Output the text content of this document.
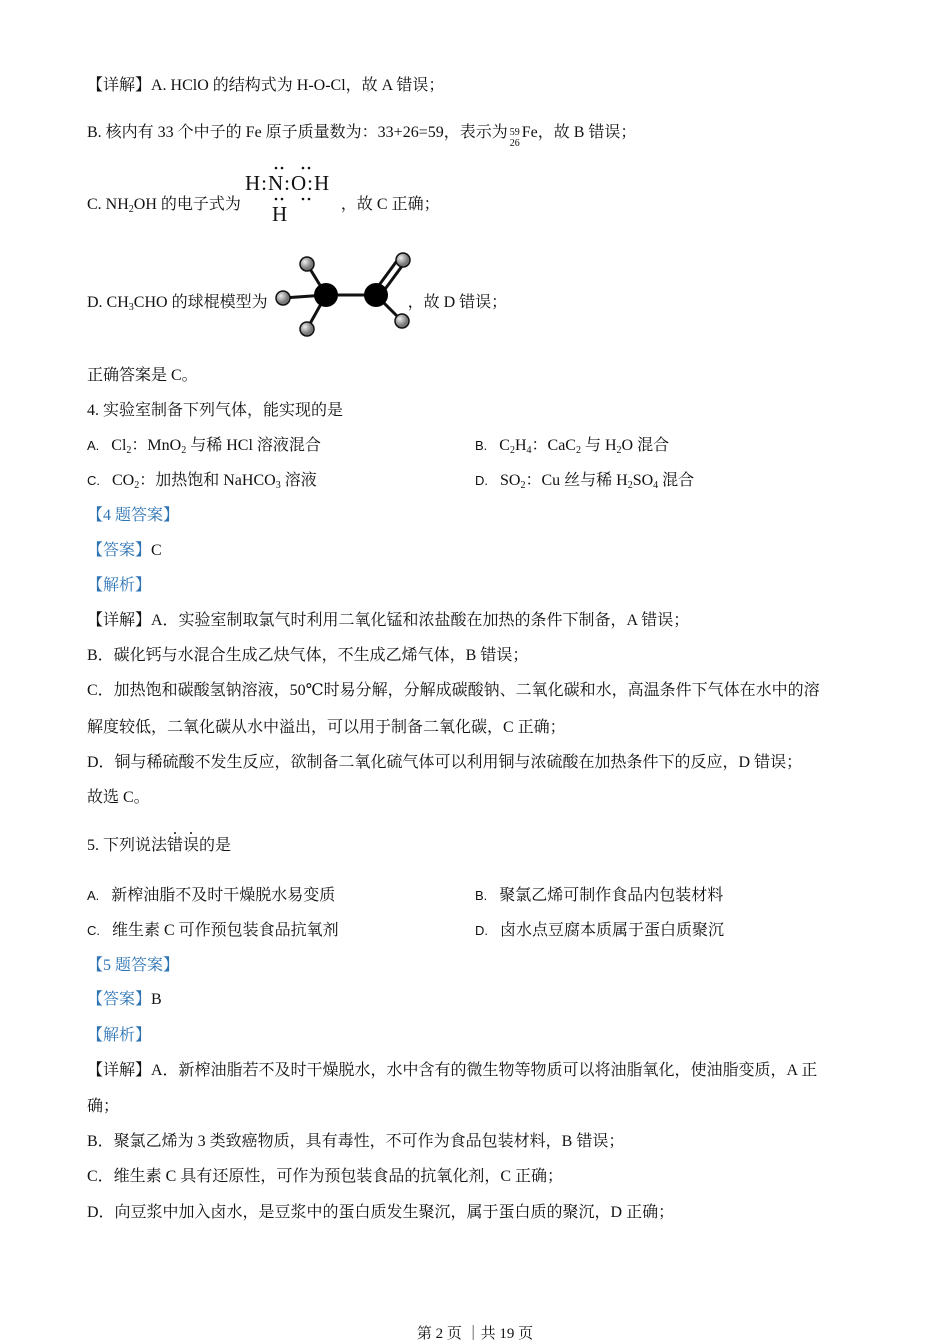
【详解】A. HClO 的结构式为 H-O-Cl，故 A 错误；
B. 核内有 33 个中子的 Fe 原子质量数为：33+26=59，表示为 59
26
Fe，故 B 错误；
C. $NH_2OH$ 的电子式为	，故 C 正确；
H:N:O:H
H
D. $CH_3CHO$ 的球棍模型为	，故 D 错误；
正确答案是 C。
4. 实验室制备下列气体，能实现的是
A. $Cl_2$：MnO$_2$ 与稀 HCl 溶液混合	B. $C_2H_4$：CaC$_2$ 与 $H_2O$ 混合
C. $CO_2$：加热饱和 NaHCO$_3$ 溶液	D. $SO_2$：Cu 丝与稀 $H_2SO_4$ 混合
【4 题答案】
【答案】C
【解析】
【详解】A．实验室制取氯气时利用二氧化锰和浓盐酸在加热的条件下制备，A 错误；
B．碳化钙与水混合生成乙炔气体，不生成乙烯气体，B 错误；
C．加热饱和碳酸氢钠溶液，50℃时易分解，分解成碳酸钠、二氧化碳和水，高温条件下气体在水中的溶
解度较低，二氧化碳从水中溢出，可以用于制备二氧化碳，C 正确；
D．铜与稀硫酸不发生反应，欲制备二氧化硫气体可以利用铜与浓硫酸在加热条件下的反应，D 错误；
故选 C。
5. 下列说法错误的是
A. 新榨油脂不及时干燥脱水易变质	B. 聚氯乙烯可制作食品内包装材料
C. 维生素 C 可作预包装食品抗氧剂	D. 卤水点豆腐本质属于蛋白质聚沉
【5 题答案】
【答案】B
【解析】
【详解】A．新榨油脂若不及时干燥脱水，水中含有的微生物等物质可以将油脂氧化，使油脂变质，A 正
确；
B．聚氯乙烯为 3 类致癌物质，具有毒性，不可作为食品包装材料，B 错误；
C．维生素 C 具有还原性，可作为预包装食品的抗氧化剂，C 正确；
D．向豆浆中加入卤水，是豆浆中的蛋白质发生聚沉，属于蛋白质的聚沉，D 正确；
第 2 页 ｜共 19 页
